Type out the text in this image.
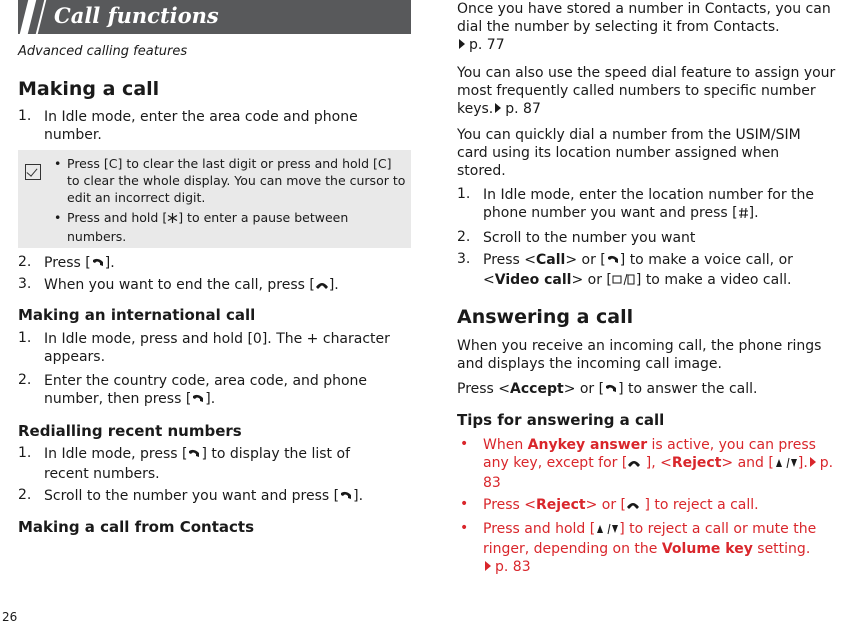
Call functions
Advanced calling features
Making a call
1. In Idle mode, enter the area code and phone number.
• Press [C] to clear the last digit or press and hold [C] to clear the whole display. You can move the cursor to edit an incorrect digit.
• Press and hold [ ] to enter a pause between numbers.
2. Press [ ].
3. When you want to end the call, press [ ].
Making an international call
1. In Idle mode, press and hold [0]. The + character appears.
2. Enter the country code, area code, and phone number, then press [ ].
Redialling recent numbers
1. In Idle mode, press [ ] to display the list of recent numbers.
2. Scroll to the number you want and press [ ].
Making a call from Contacts
Once you have stored a number in Contacts, you can dial the number by selecting it from Contacts.
p. 77
You can also use the speed dial feature to assign your most frequently called numbers to specific number keys. p. 87
You can quickly dial a number from the USIM/SIM card using its location number assigned when stored.
1. In Idle mode, enter the location number for the phone number you want and press [ ].
2. Scroll to the number you want
3. Press <Call> or [ ] to make a voice call, or <Video call> or [ ] to make a video call.
Answering a call
When you receive an incoming call, the phone rings and displays the incoming call image.
Press <Accept> or [ ] to answer the call.
Tips for answering a call
• When Anykey answer is active, you can press any key, except for [ ], <Reject> and [ ]. p. 83
• Press <Reject> or [ ] to reject a call.
• Press and hold [ ] to reject a call or mute the ringer, depending on the Volume key setting.
p. 83
26
